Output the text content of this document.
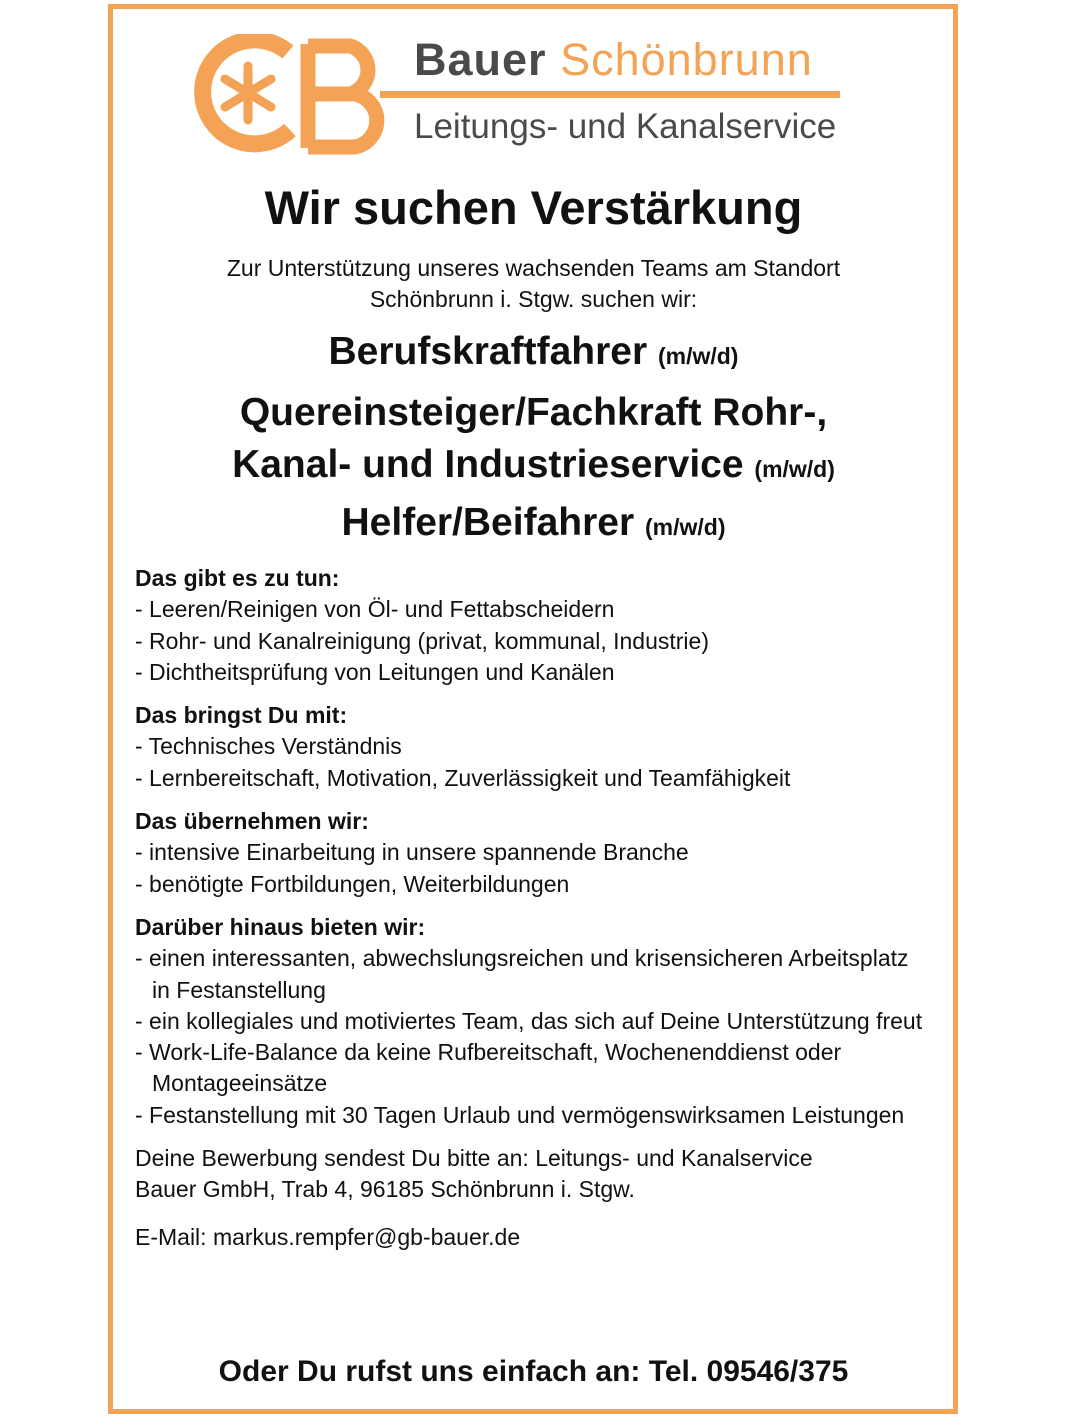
Bauer Schönbrunn
Leitungs- und Kanalservice
Wir suchen Verstärkung
Zur Unterstützung unseres wachsenden Teams am Standort
Schönbrunn i. Stgw. suchen wir:
Berufskraftfahrer (m/w/d)
Quereinsteiger/Fachkraft Rohr-,
Kanal- und Industrieservice (m/w/d)
Helfer/Beifahrer (m/w/d)
Das gibt es zu tun:
- Leeren/Reinigen von Öl- und Fettabscheidern
- Rohr- und Kanalreinigung (privat, kommunal, Industrie)
- Dichtheitsprüfung von Leitungen und Kanälen
Das bringst Du mit:
- Technisches Verständnis
- Lernbereitschaft, Motivation, Zuverlässigkeit und Teamfähigkeit
Das übernehmen wir:
- intensive Einarbeitung in unsere spannende Branche
- benötigte Fortbildungen, Weiterbildungen
Darüber hinaus bieten wir:
- einen interessanten, abwechslungsreichen und krisensicheren Arbeitsplatz in Festanstellung
- ein kollegiales und motiviertes Team, das sich auf Deine Unterstützung freut
- Work-Life-Balance da keine Rufbereitschaft, Wochenenddienst oder Montageeinsätze
- Festanstellung mit 30 Tagen Urlaub und vermögenswirksamen Leistungen
Deine Bewerbung sendest Du bitte an: Leitungs- und Kanalservice
Bauer GmbH, Trab 4, 96185 Schönbrunn i. Stgw.
E-Mail: markus.rempfer@gb-bauer.de
Oder Du rufst uns einfach an: Tel. 09546/375
